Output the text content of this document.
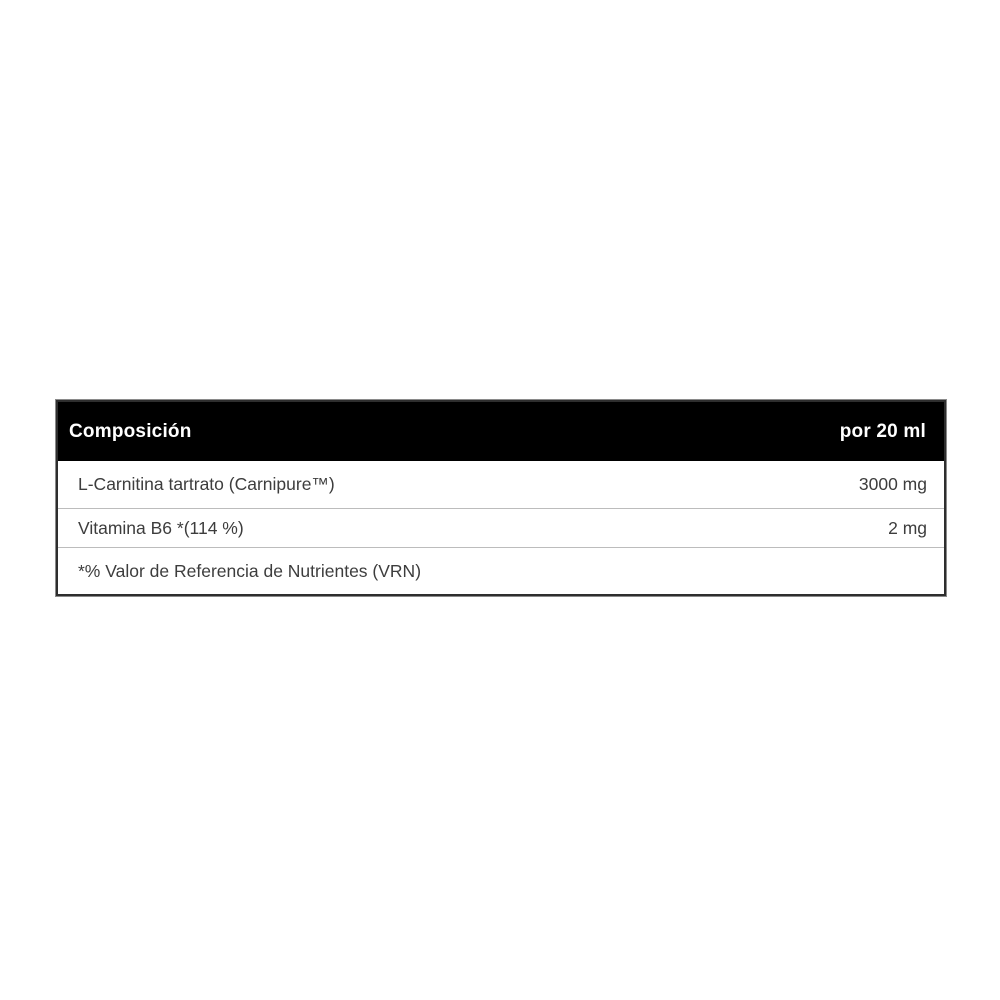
Composición	por 20 ml
L-Carnitina tartrato (Carnipure™)	3000 mg
Vitamina B6 *(114 %)	2 mg
*% Valor de Referencia de Nutrientes (VRN)
